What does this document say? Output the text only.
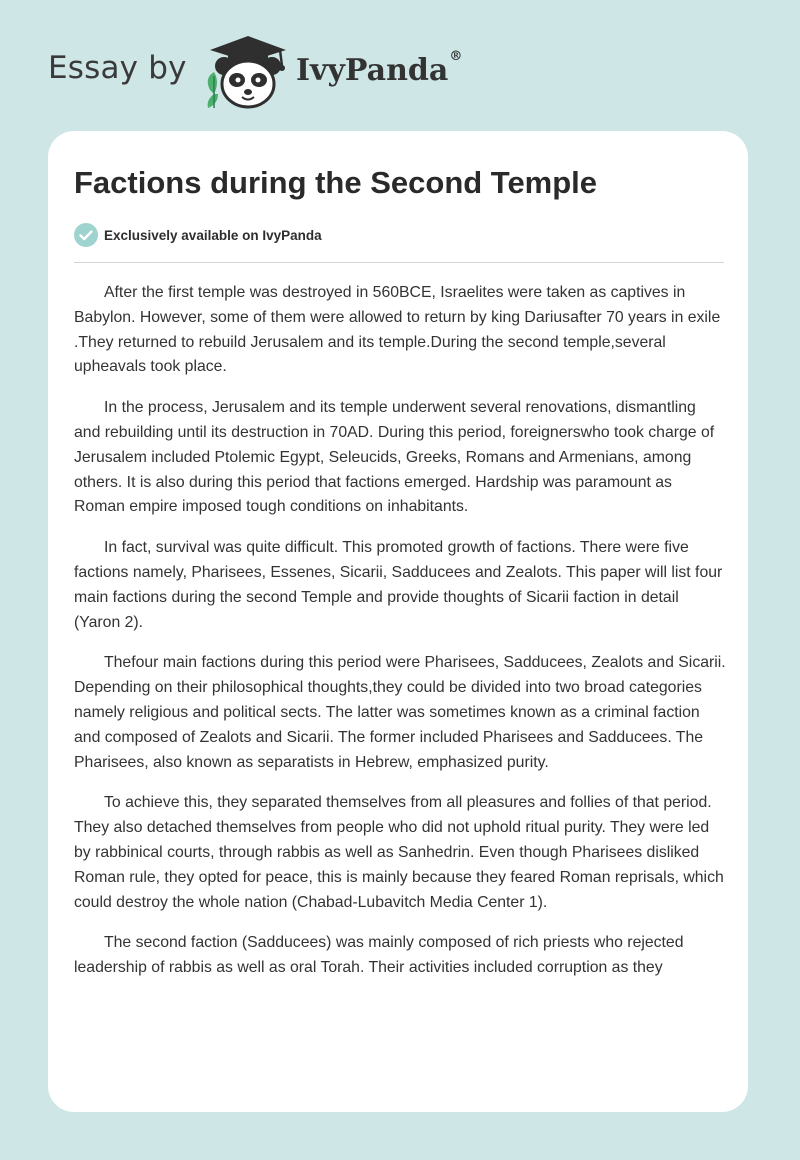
Essay by	IvyPanda®
Factions during the Second Temple
Exclusively available on IvyPanda

After the first temple was destroyed in 560BCE, Israelites were taken as captives in Babylon. However, some of them were allowed to return by king Dariusafter 70 years in exile .They returned to rebuild Jerusalem and its temple.During the second temple,several upheavals took place.

In the process, Jerusalem and its temple underwent several renovations, dismantling and rebuilding until its destruction in 70AD. During this period, foreignerswho took charge of Jerusalem included Ptolemic Egypt, Seleucids, Greeks, Romans and Armenians, among others. It is also during this period that factions emerged. Hardship was paramount as Roman empire imposed tough conditions on inhabitants.

In fact, survival was quite difficult. This promoted growth of factions. There were five factions namely, Pharisees, Essenes, Sicarii, Sadducees and Zealots. This paper will list four main factions during the second Temple and provide thoughts of Sicarii faction in detail (Yaron 2).

Thefour main factions during this period were Pharisees, Sadducees, Zealots and Sicarii. Depending on their philosophical thoughts,they could be divided into two broad categories namely religious and political sects. The latter was sometimes known as a criminal faction and composed of Zealots and Sicarii. The former included Pharisees and Sadducees. The Pharisees, also known as separatists in Hebrew, emphasized purity.

To achieve this, they separated themselves from all pleasures and follies of that period. They also detached themselves from people who did not uphold ritual purity. They were led by rabbinical courts, through rabbis as well as Sanhedrin. Even though Pharisees disliked Roman rule, they opted for peace, this is mainly because they feared Roman reprisals, which could destroy the whole nation (Chabad-Lubavitch Media Center 1).

The second faction (Sadducees) was mainly composed of rich priests who rejected leadership of rabbis as well as oral Torah. Their activities included corruption as they
